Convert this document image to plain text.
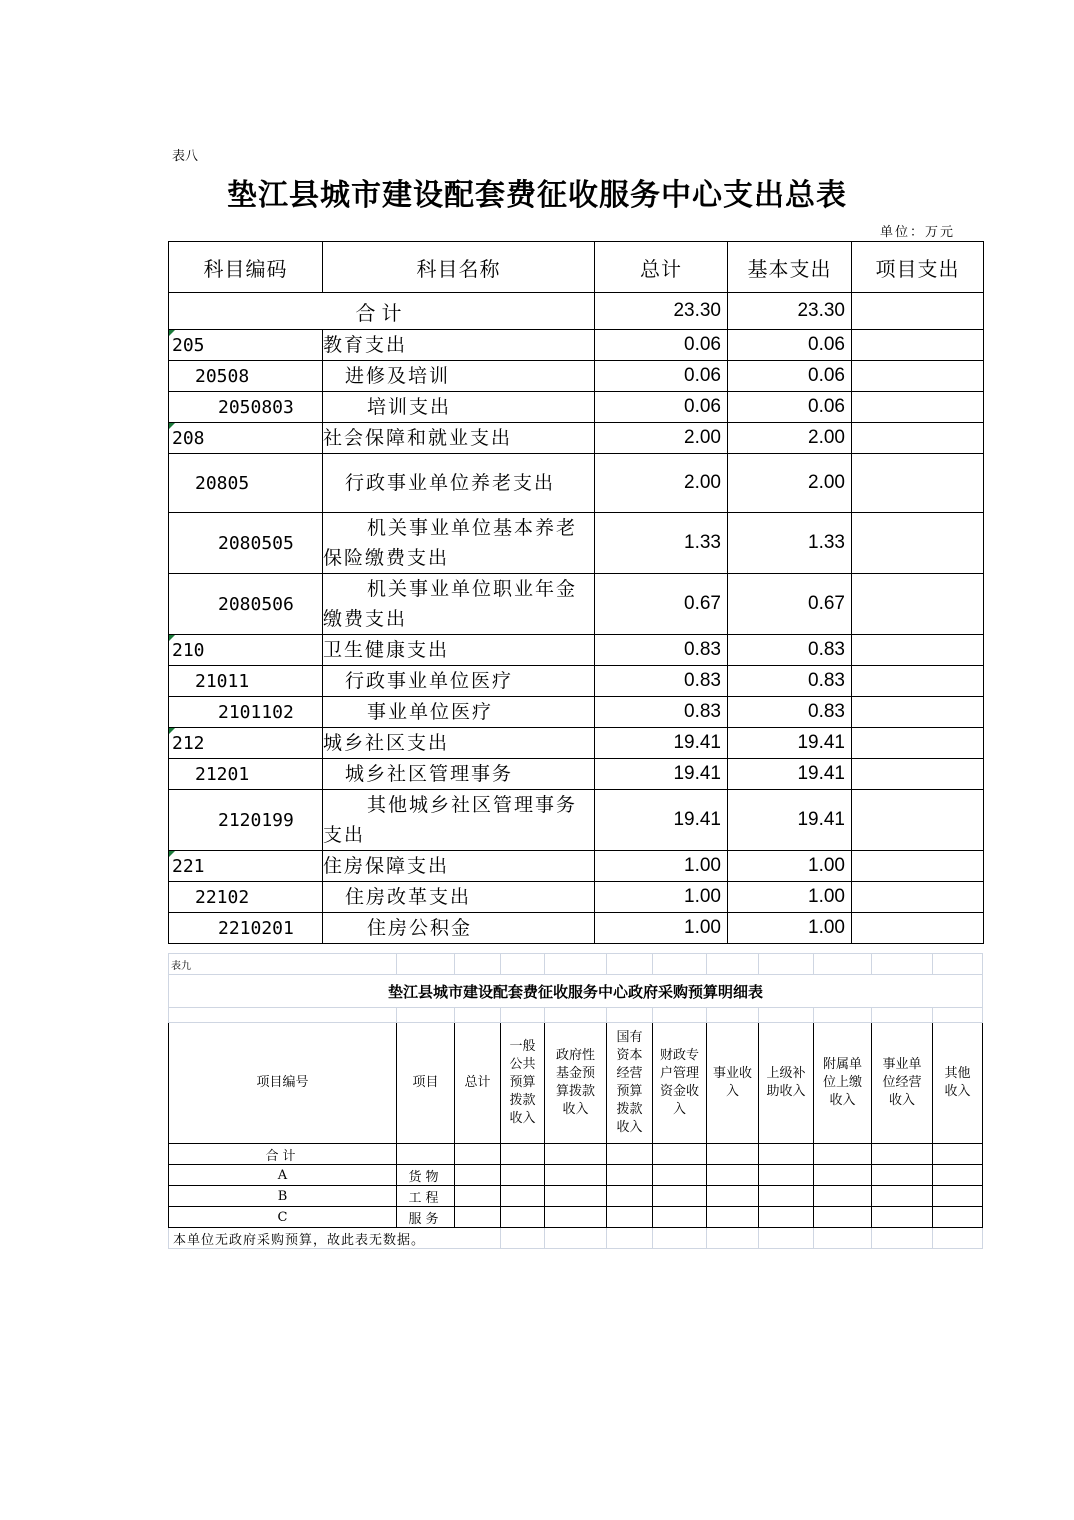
表八
垫江县城市建设配套费征收服务中心支出总表
单位：万元
科目编码	科目名称	总计	基本支出	项目支出
合计		23.30	23.30	

205	教育支出	0.06	0.06	
20508	进修及培训	0.06	0.06	
2050803	培训支出	0.06	0.06	

208	社会保障和就业支出	2.00	2.00	
20805	行政事业单位养老支出	2.00	2.00	
2080505	机关事业单位基本养老保险缴费支出	1.33	1.33	
2080506	机关事业单位职业年金缴费支出	0.67	0.67	

210	卫生健康支出	0.83	0.83	
21011	行政事业单位医疗	0.83	0.83	
2101102	事业单位医疗	0.83	0.83	

212	城乡社区支出	19.41	19.41	
21201	城乡社区管理事务	19.41	19.41	
2120199	其他城乡社区管理事务支出	19.41	19.41	

221	住房保障支出	1.00	1.00	
22102	住房改革支出	1.00	1.00	
2210201	住房公积金	1.00	1.00	
表九											
垫江县城市建设配套费征收服务中心政府采购预算明细表											

项目编号	项目	总计	一般公共预算拨款收入	政府性基金预算拨款收入	国有资本经营预算拨款收入	财政专户管理资金收入	事业收入	上级补助收入	附属单位上缴收入	事业单位经营收入	其他收入
合计											
A	货物										
B	工程										
C	服务										
本单位无政府采购预算，故此表无数据。											
